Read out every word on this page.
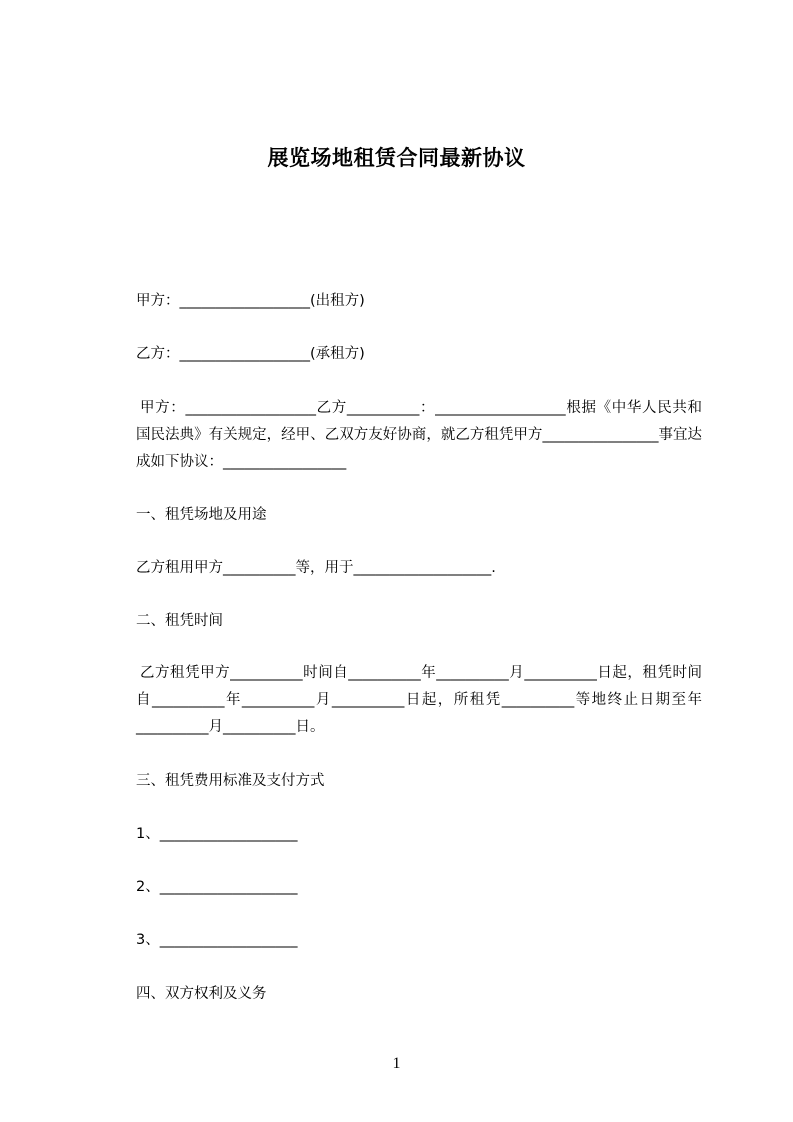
展览场地租赁合同最新协议
甲方：__________________(出租方)
乙方：__________________(承租方)
甲方：__________________乙方__________：__________________根据《中华人民共和国民法典》有关规定，经甲、乙双方友好协商，就乙方租凭甲方________________事宜达成如下协议：_________________
一、租凭场地及用途
乙方租用甲方__________等，用于___________________.
二、租凭时间
乙方租凭甲方__________时间自__________年__________月__________日起，租凭时间自__________年__________月__________日起，所租凭__________等地终止日期至年__________月__________日。
三、租凭费用标准及支付方式
1、___________________
2、___________________
3、___________________
四、双方权利及义务
1
